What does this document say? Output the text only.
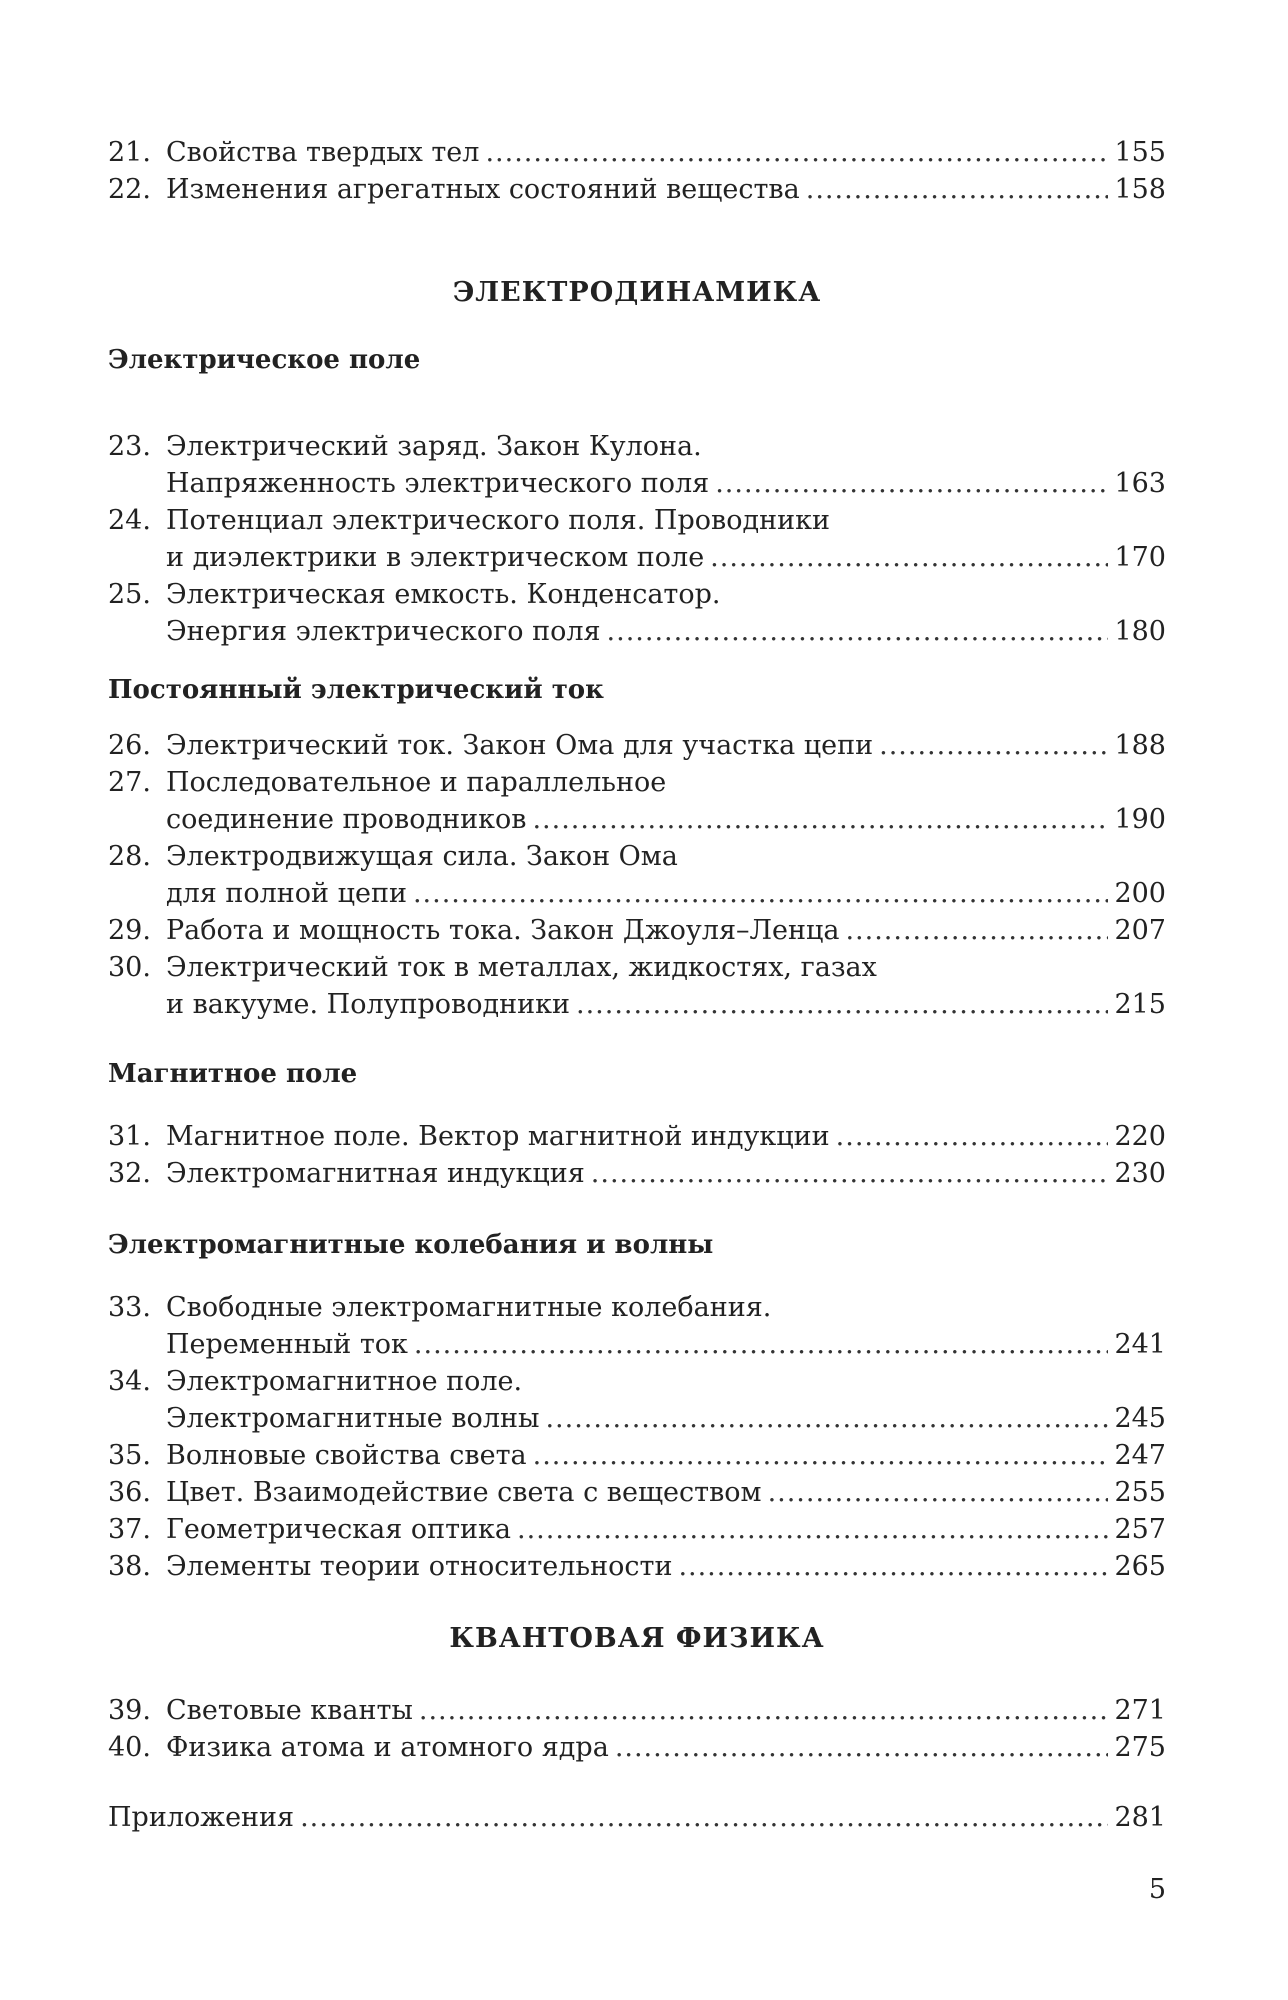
21. Свойства твердых тел .....	155
22. Изменения агрегатных состояний вещества .....	158
ЭЛЕКТРОДИНАМИКА
Электрическое поле
23. Электрический заряд. Закон Кулона.
Напряженность электрического поля .....	163
24. Потенциал электрического поля. Проводники
и диэлектрики в электрическом поле .....	170
25. Электрическая емкость. Конденсатор.
Энергия электрического поля .....	180
Постоянный электрический ток
26. Электрический ток. Закон Ома для участка цепи .....	188
27. Последовательное и параллельное
соединение проводников .....	190
28. Электродвижущая сила. Закон Ома
для полной цепи .....	200
29. Работа и мощность тока. Закон Джоуля–Ленца .....	207
30. Электрический ток в металлах, жидкостях, газах
и вакууме. Полупроводники .....	215
Магнитное поле
31. Магнитное поле. Вектор магнитной индукции .....	220
32. Электромагнитная индукция .....	230
Электромагнитные колебания и волны
33. Свободные электромагнитные колебания.
Переменный ток .....	241
34. Электромагнитное поле.
Электромагнитные волны .....	245
35. Волновые свойства света .....	247
36. Цвет. Взаимодействие света с веществом .....	255
37. Геометрическая оптика .....	257
38. Элементы теории относительности .....	265
КВАНТОВАЯ ФИЗИКА
39. Световые кванты .....	271
40. Физика атома и атомного ядра .....	275
Приложения .....	281
5
